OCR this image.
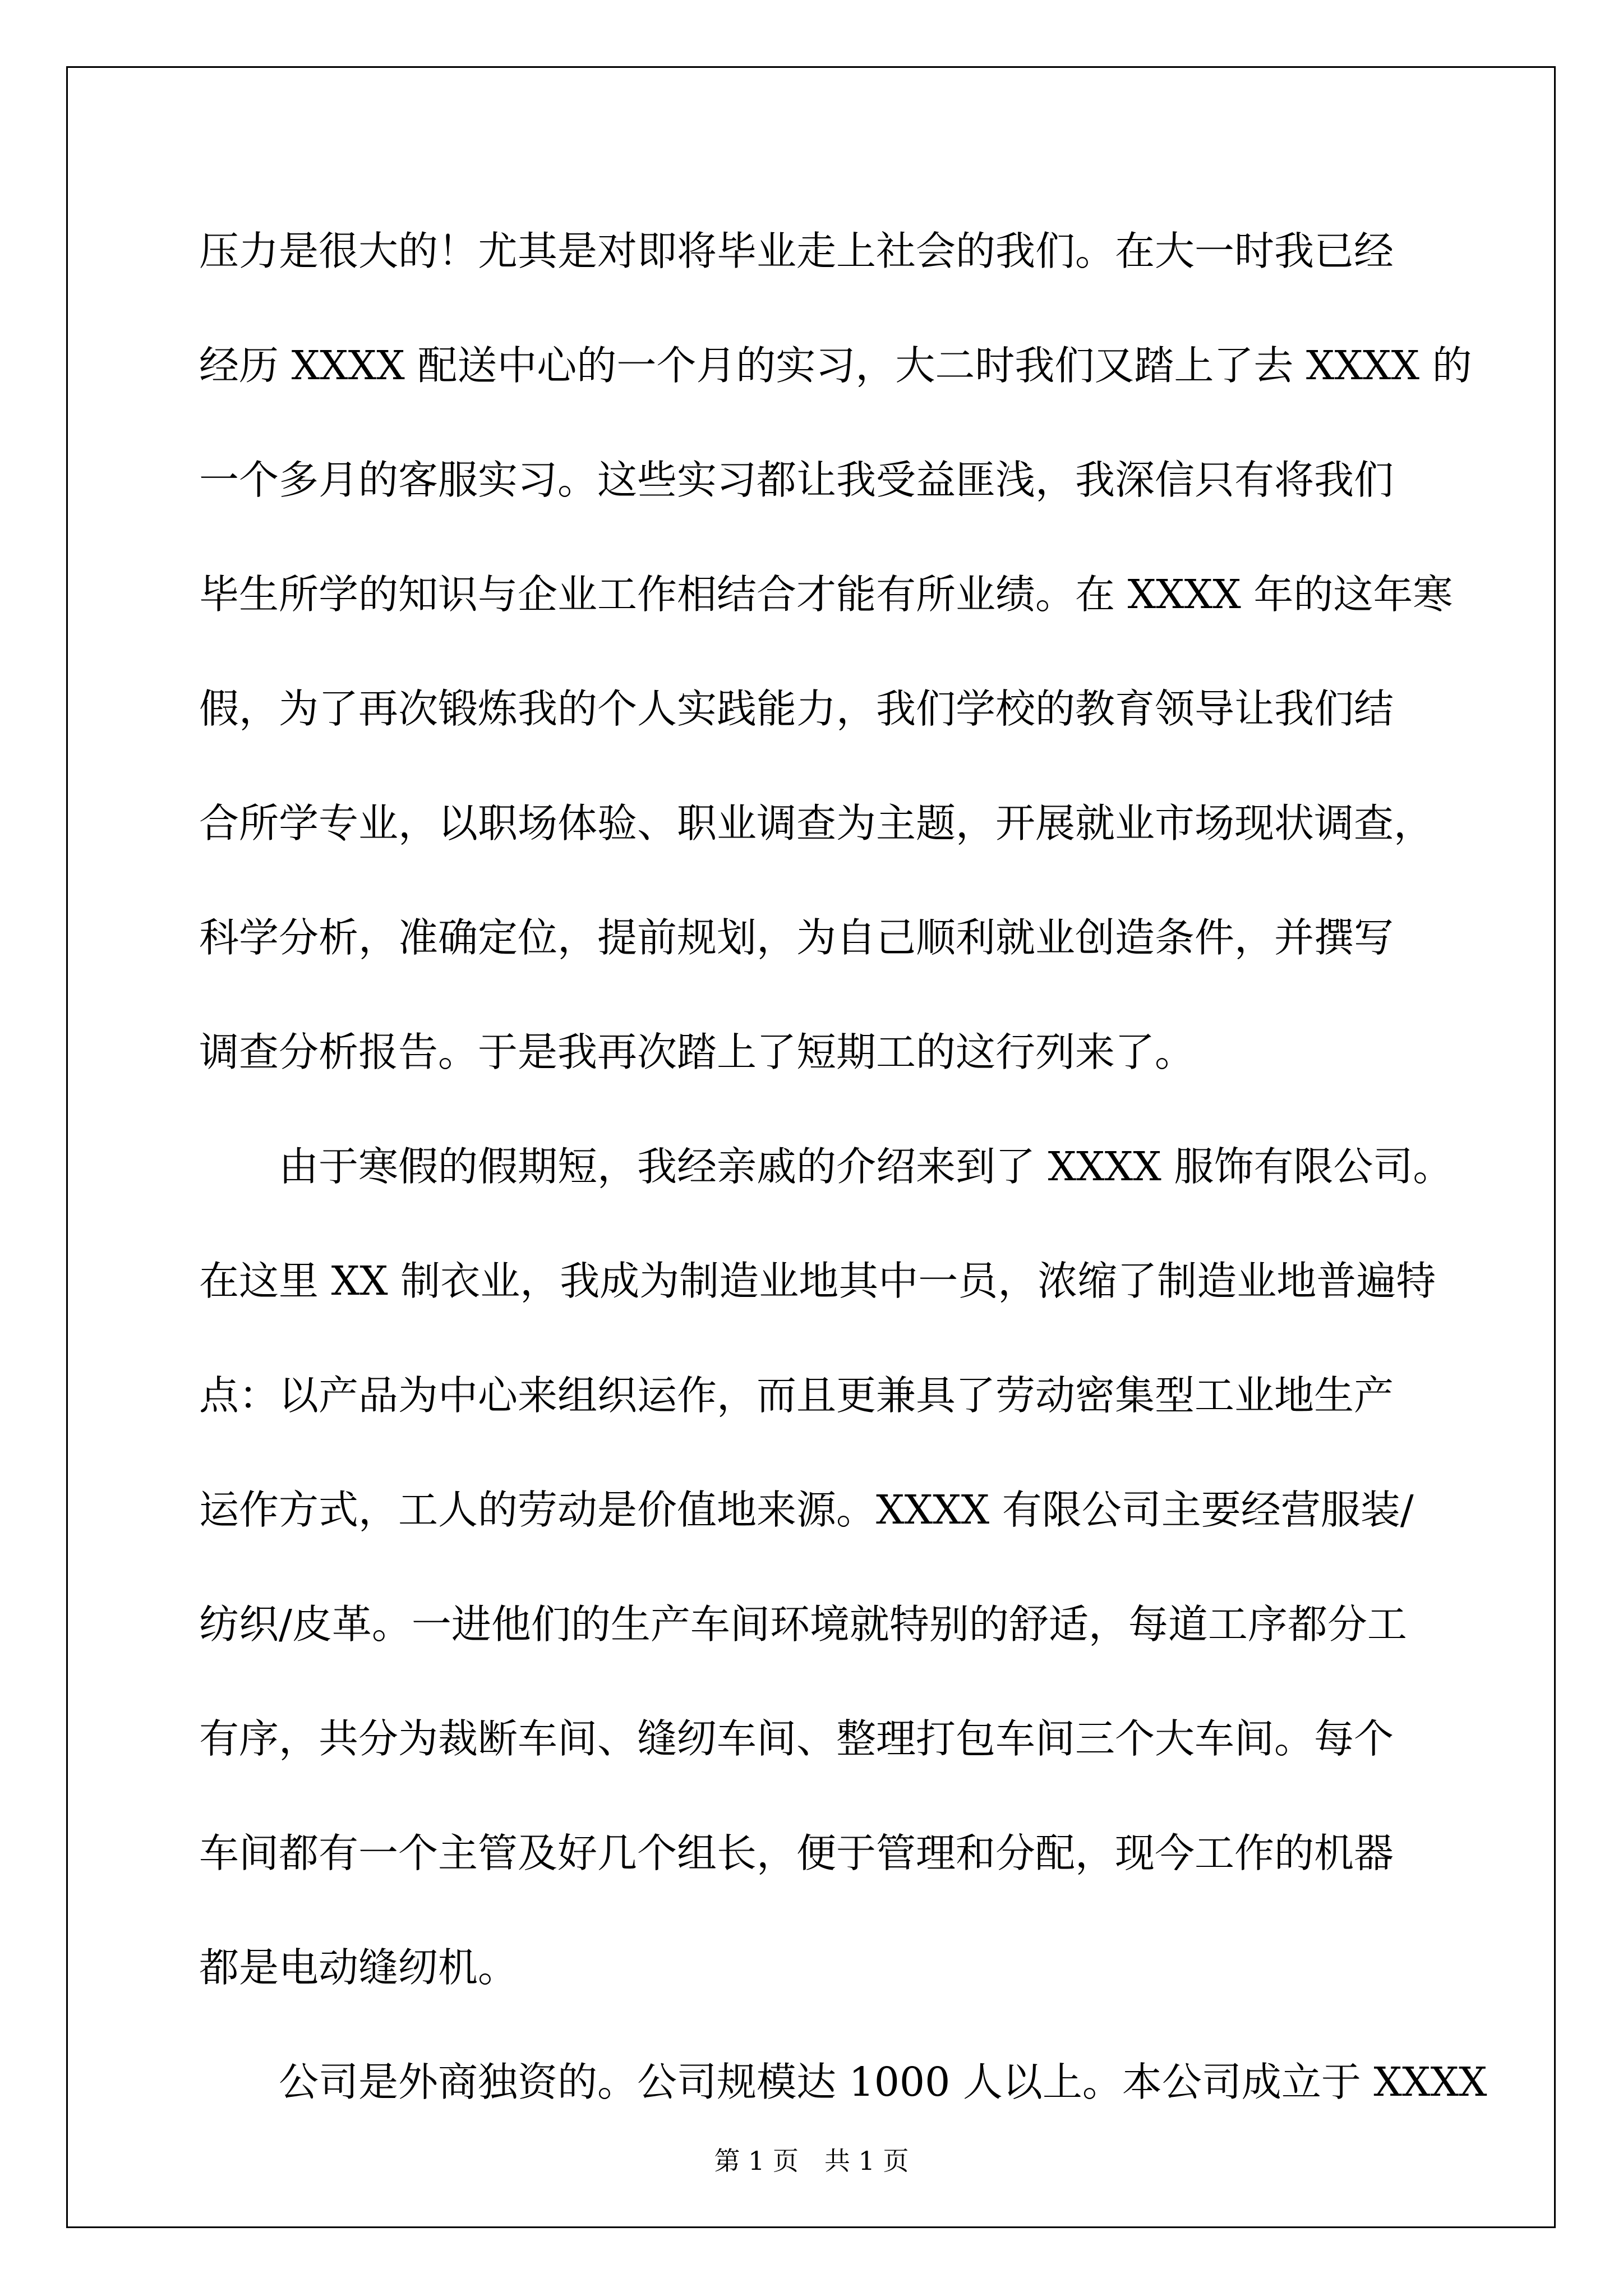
压力是很大的！尤其是对即将毕业走上社会的我们。在大一时我已经
经历 XXXX 配送中心的一个月的实习，大二时我们又踏上了去 XXXX 的
一个多月的客服实习。这些实习都让我受益匪浅，我深信只有将我们
毕生所学的知识与企业工作相结合才能有所业绩。在 XXXX 年的这年寒
假，为了再次锻炼我的个人实践能力，我们学校的教育领导让我们结
合所学专业，以职场体验、职业调查为主题，开展就业市场现状调查，
科学分析，准确定位，提前规划，为自己顺利就业创造条件，并撰写
调查分析报告。于是我再次踏上了短期工的这行列来了。
由于寒假的假期短，我经亲戚的介绍来到了 XXXX 服饰有限公司。
在这里 XX 制衣业，我成为制造业地其中一员，浓缩了制造业地普遍特
点：以产品为中心来组织运作，而且更兼具了劳动密集型工业地生产
运作方式，工人的劳动是价值地来源。XXXX 有限公司主要经营服装/
纺织/皮革。一进他们的生产车间环境就特别的舒适，每道工序都分工
有序，共分为裁断车间、缝纫车间、整理打包车间三个大车间。每个
车间都有一个主管及好几个组长，便于管理和分配，现今工作的机器
都是电动缝纫机。
公司是外商独资的。公司规模达 1000 人以上。本公司成立于 XXXX
第 1 页　共 1 页
